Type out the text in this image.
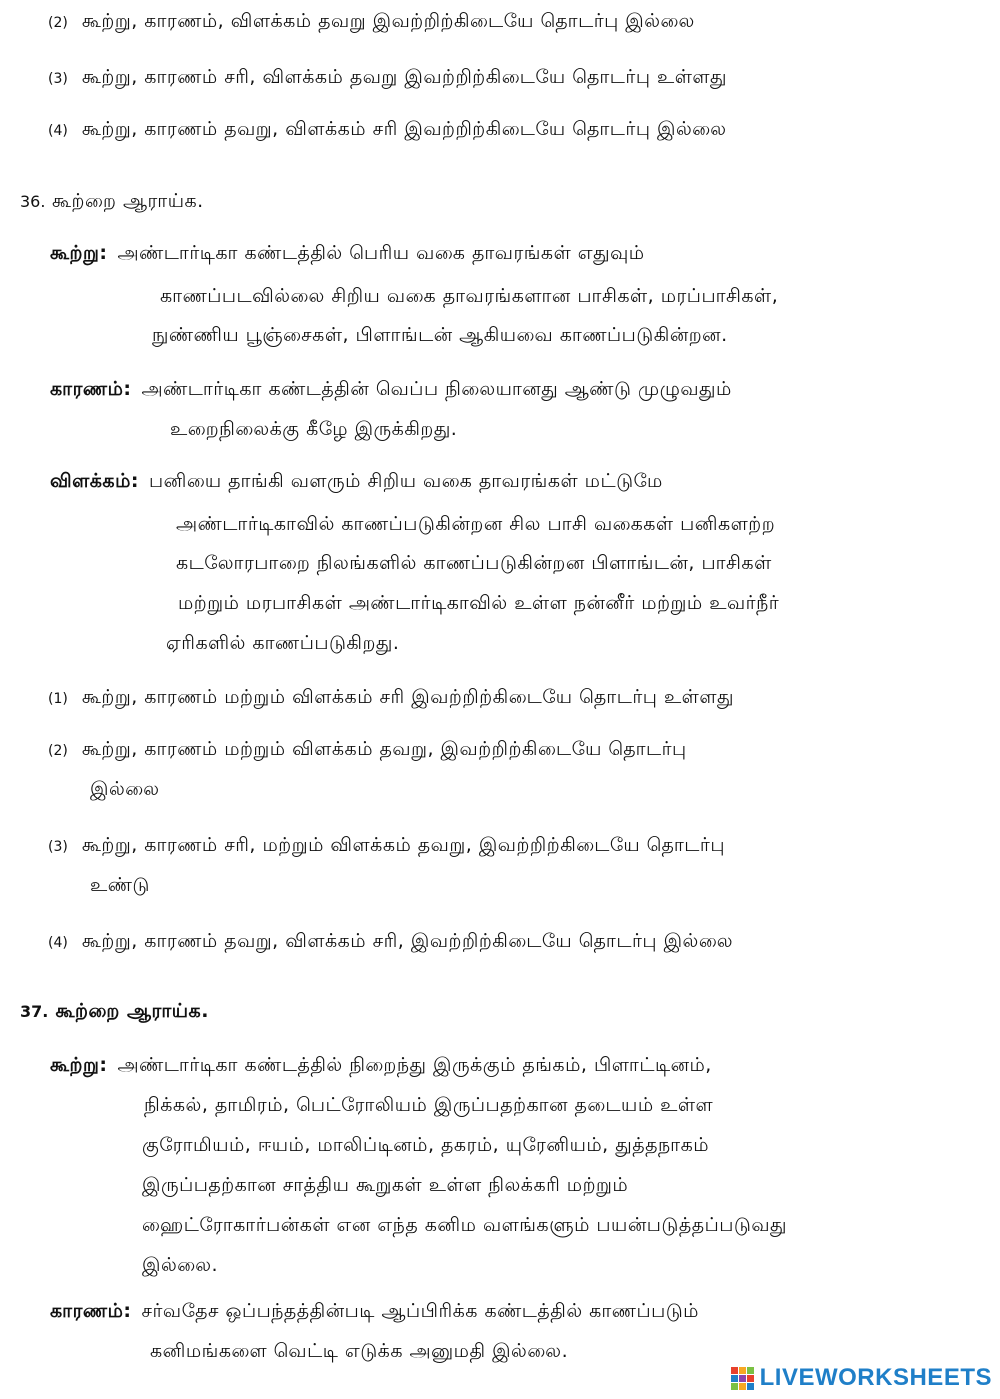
(2) கூற்று, காரணம், விளக்கம் தவறு இவற்றிற்கிடையே தொடர்பு இல்லை
(3) கூற்று, காரணம் சரி, விளக்கம் தவறு இவற்றிற்கிடையே தொடர்பு உள்ளது
(4) கூற்று, காரணம் தவறு, விளக்கம் சரி இவற்றிற்கிடையே தொடர்பு இல்லை
36. கூற்றை ஆராய்க.
கூற்று: அண்டார்டிகா கண்டத்தில் பெரிய வகை தாவரங்கள் எதுவும்
காணப்படவில்லை சிறிய வகை தாவரங்களான பாசிகள், மரப்பாசிகள்,
நுண்ணிய பூஞ்சைகள், பிளாங்டன் ஆகியவை காணப்படுகின்றன.
காரணம்: அண்டார்டிகா கண்டத்தின் வெப்ப நிலையானது ஆண்டு முழுவதும்
உறைநிலைக்கு கீழே இருக்கிறது.
விளக்கம்: பனியை தாங்கி வளரும் சிறிய வகை தாவரங்கள் மட்டுமே
அண்டார்டிகாவில் காணப்படுகின்றன சில பாசி வகைகள் பனிகளற்ற
கடலோரபாறை நிலங்களில் காணப்படுகின்றன பிளாங்டன், பாசிகள்
மற்றும் மரபாசிகள் அண்டார்டிகாவில் உள்ள நன்னீர் மற்றும் உவர்நீர்
ஏரிகளில் காணப்படுகிறது.
(1) கூற்று, காரணம் மற்றும் விளக்கம் சரி இவற்றிற்கிடையே தொடர்பு உள்ளது
(2) கூற்று, காரணம் மற்றும் விளக்கம் தவறு, இவற்றிற்கிடையே தொடர்பு
இல்லை
(3) கூற்று, காரணம் சரி, மற்றும் விளக்கம் தவறு, இவற்றிற்கிடையே தொடர்பு
உண்டு
(4) கூற்று, காரணம் தவறு, விளக்கம் சரி, இவற்றிற்கிடையே தொடர்பு இல்லை
37. கூற்றை ஆராய்க.
கூற்று: அண்டார்டிகா கண்டத்தில் நிறைந்து இருக்கும் தங்கம், பிளாட்டினம்,
நிக்கல், தாமிரம், பெட்ரோலியம் இருப்பதற்கான தடையம் உள்ள
குரோமியம், ஈயம், மாலிப்டினம், தகரம், யுரேனியம், துத்தநாகம்
இருப்பதற்கான சாத்திய கூறுகள் உள்ள நிலக்கரி மற்றும்
ஹைட்ரோகார்பன்கள் என எந்த கனிம வளங்களும் பயன்படுத்தப்படுவது
இல்லை.
காரணம்: சர்வதேச ஒப்பந்தத்தின்படி ஆப்பிரிக்க கண்டத்தில் காணப்படும்
கனிமங்களை வெட்டி எடுக்க அனுமதி இல்லை.
LIVEWORKSHEETS
